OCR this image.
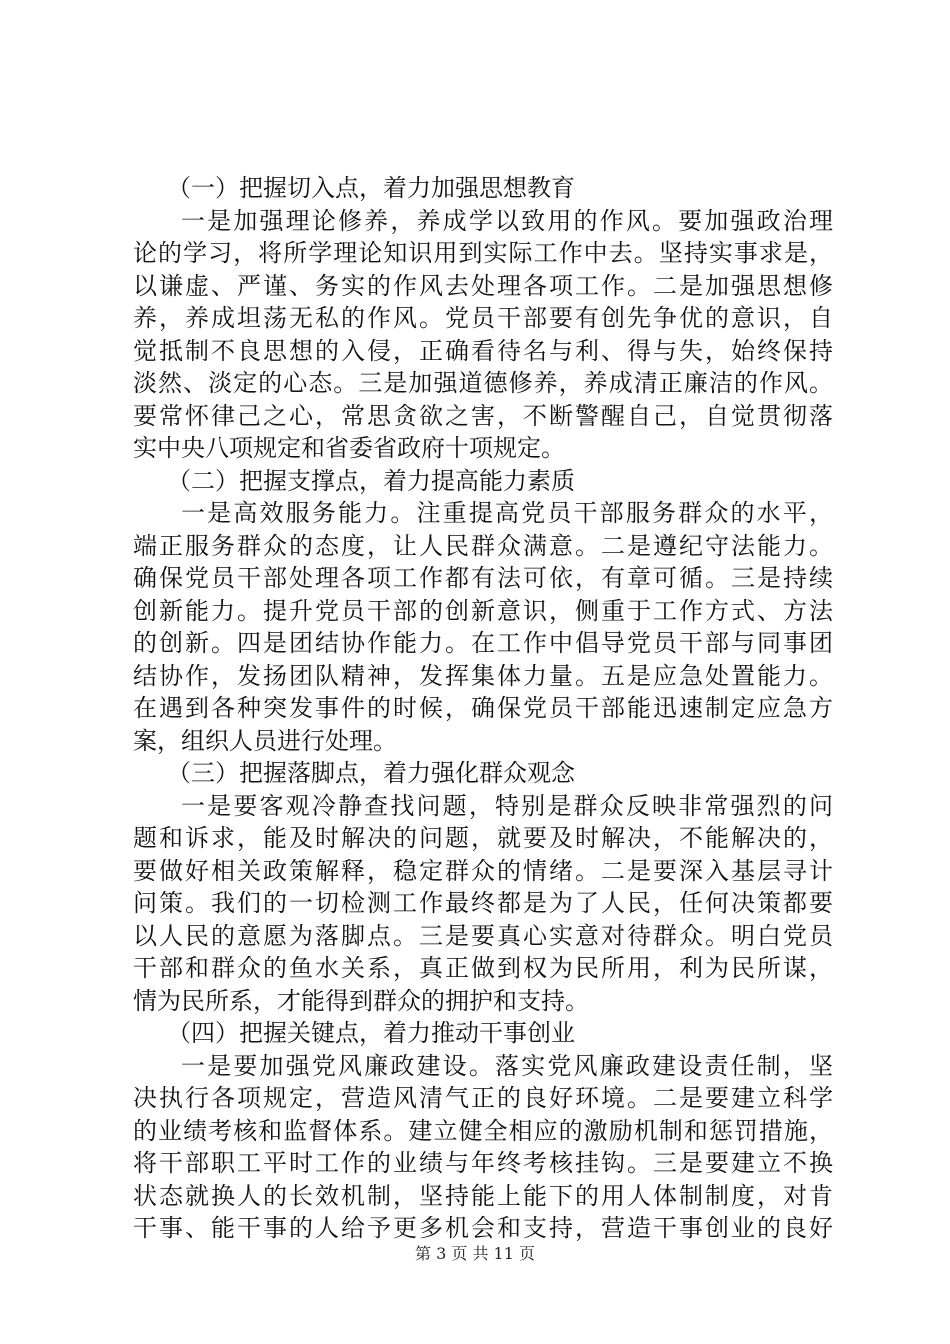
（一）把握切入点，着力加强思想教育
一是加强理论修养，养成学以致用的作风。要加强政治理
论的学习，将所学理论知识用到实际工作中去。坚持实事求是，
以谦虚、严谨、务实的作风去处理各项工作。二是加强思想修
养，养成坦荡无私的作风。党员干部要有创先争优的意识，自
觉抵制不良思想的入侵，正确看待名与利、得与失，始终保持
淡然、淡定的心态。三是加强道德修养，养成清正廉洁的作风。
要常怀律己之心，常思贪欲之害，不断警醒自己，自觉贯彻落
实中央八项规定和省委省政府十项规定。
（二）把握支撑点，着力提高能力素质
一是高效服务能力。注重提高党员干部服务群众的水平，
端正服务群众的态度，让人民群众满意。二是遵纪守法能力。
确保党员干部处理各项工作都有法可依，有章可循。三是持续
创新能力。提升党员干部的创新意识，侧重于工作方式、方法
的创新。四是团结协作能力。在工作中倡导党员干部与同事团
结协作，发扬团队精神，发挥集体力量。五是应急处置能力。
在遇到各种突发事件的时候，确保党员干部能迅速制定应急方
案，组织人员进行处理。
（三）把握落脚点，着力强化群众观念
一是要客观冷静查找问题，特别是群众反映非常强烈的问
题和诉求，能及时解决的问题，就要及时解决，不能解决的，
要做好相关政策解释，稳定群众的情绪。二是要深入基层寻计
问策。我们的一切检测工作最终都是为了人民，任何决策都要
以人民的意愿为落脚点。三是要真心实意对待群众。明白党员
干部和群众的鱼水关系，真正做到权为民所用，利为民所谋，
情为民所系，才能得到群众的拥护和支持。
（四）把握关键点，着力推动干事创业
一是要加强党风廉政建设。落实党风廉政建设责任制，坚
决执行各项规定，营造风清气正的良好环境。二是要建立科学
的业绩考核和监督体系。建立健全相应的激励机制和惩罚措施，
将干部职工平时工作的业绩与年终考核挂钩。三是要建立不换
状态就换人的长效机制，坚持能上能下的用人体制制度，对肯
干事、能干事的人给予更多机会和支持，营造干事创业的良好
第 3 页 共 11 页
